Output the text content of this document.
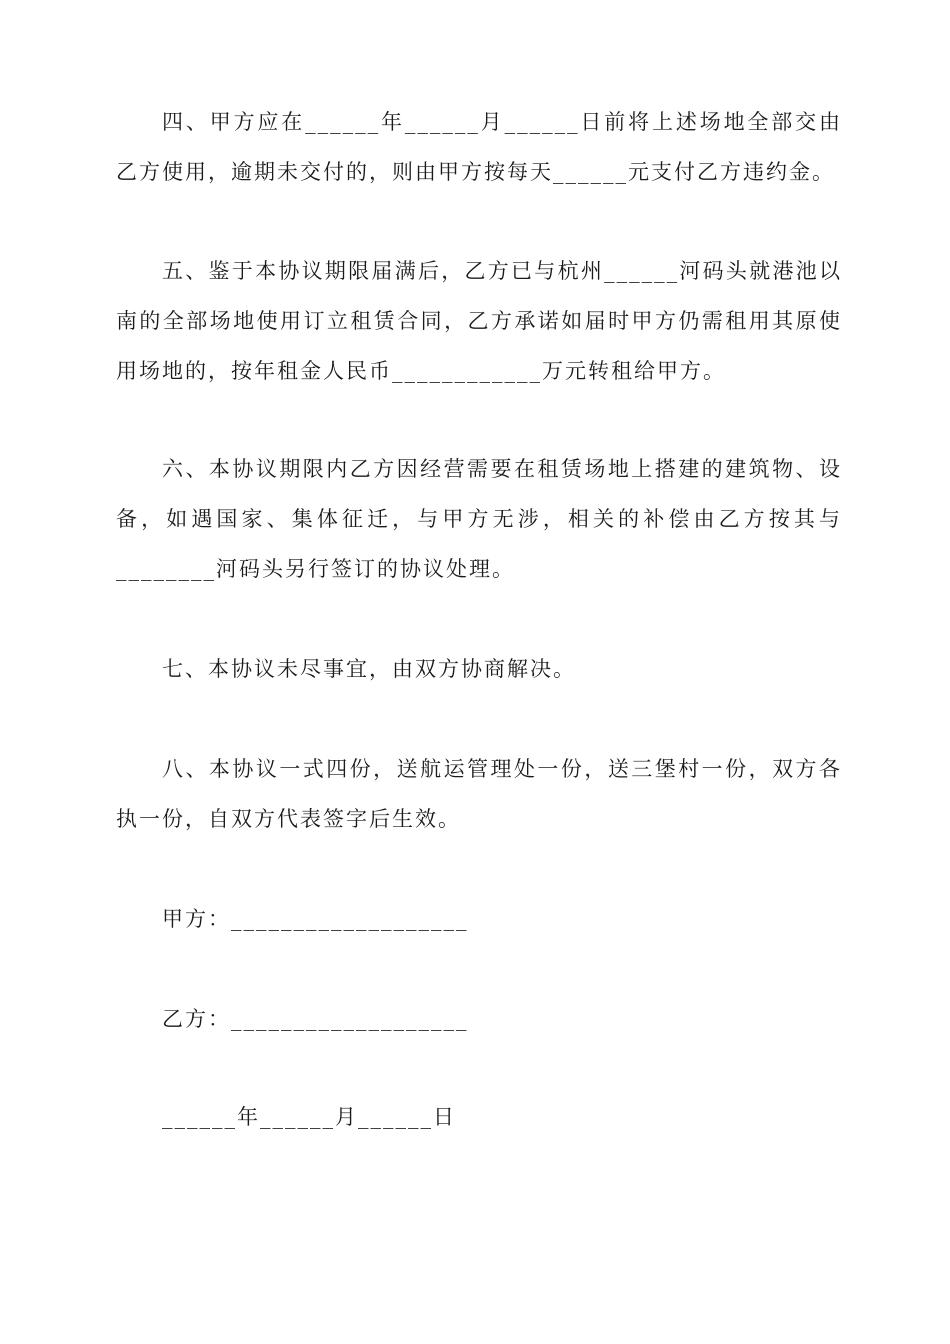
四、甲方应在______年______月______日前将上述场地全部交由乙方使用，逾期未交付的，则由甲方按每天______元支付乙方违约金。

五、鉴于本协议期限届满后，乙方已与杭州______河码头就港池以南的全部场地使用订立租赁合同，乙方承诺如届时甲方仍需租用其原使用场地的，按年租金人民币____________万元转租给甲方。

六、本协议期限内乙方因经营需要在租赁场地上搭建的建筑物、设备，如遇国家、集体征迁，与甲方无涉，相关的补偿由乙方按其与________河码头另行签订的协议处理。

七、本协议未尽事宜，由双方协商解决。

八、本协议一式四份，送航运管理处一份，送三堡村一份，双方各执一份，自双方代表签字后生效。

甲方：___________________

乙方：___________________

______年______月______日
